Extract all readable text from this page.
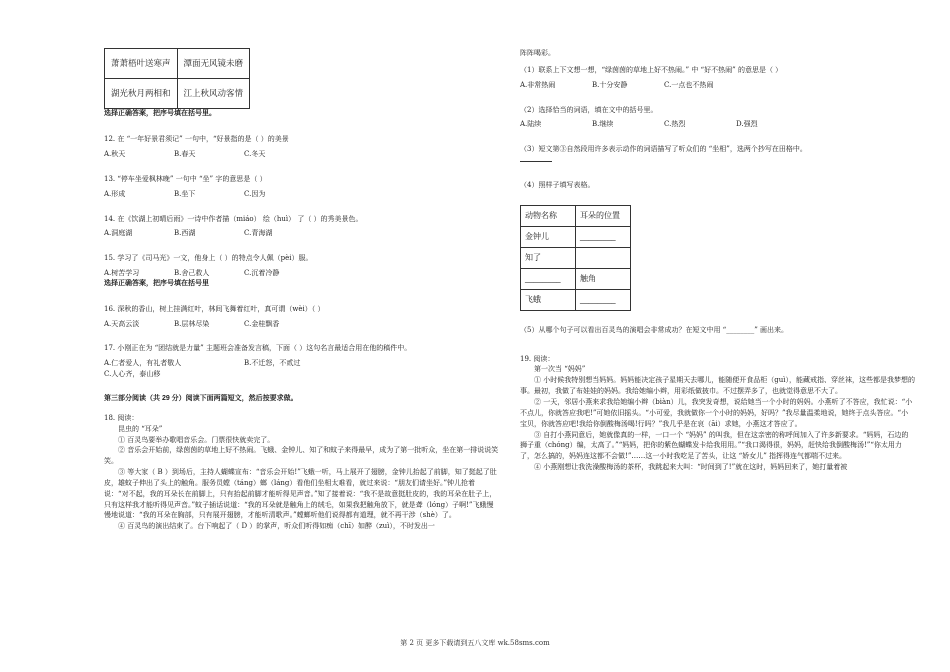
萧萧梧叶送寒声	潭面无风镜未磨
湖光秋月两相和	江上秋风动客情
选择正确答案，把序号填在括号里。
12. 在 “一年好景君须记” 一句中，“好景指的是（ ）的美景
A.秋天	B.春天	C.冬天
13. “停车坐爱枫林晚” 一句中 “坐” 字的意思是（ ）
A.形成	B.坐下	C.因为
14. 在《饮湖上初晴后雨》一诗中作者描（miáo） 绘（huì） 了（ ）的秀美景色。
A.洞庭湖	B.西湖	C.青海湖
15. 学习了《司马光》一文，他身上（ ）的特点令人佩（pèi）服。
A.树苦学习	B.舍己救人	C.沉着冷静
选择正确答案，把序号填在括号里
16. 深秋的香山，树上挂满红叶，林间飞舞着红叶，真可谓（wèi）（ ）
A.天高云淡	B.层林尽染	C.金桂飘香
17. 小刚正在为 “团结就是力量” 主题班会准备发言稿，下面（ ）这句名言最适合用在他的稿件中。
A.仁者爱人，有礼者敬人	B.不迁怒，不贰过
C.人心齐，泰山移
第三部分阅读（共 29 分）阅读下面两篇短文，然后按要求做。
18. 阅读：
昆虫的 “耳朵”
① 百灵鸟要举办歌唱音乐会。门票很快就卖完了。
② 音乐会开始前，绿茵茵的草地上好不热闹。飞蛾、金钟儿、知了和蚊子来得最早，成为了第一批听众，坐在第一排说说笑笑。
③ 等大家（ B ）到场后，主持人蝴蝶宣布：“音乐会开始!”飞蛾一听，马上展开了翅膀，金钟儿抬起了前脚，知了挺起了肚皮，雄蚊子伸出了头上的触角。服务员螳（táng）螂（láng）看他们坐相太难看，就过来说：“朋友们请坐好。”钟儿抢着说：“对不起，我的耳朵长在前脚上，只有抬起前脚才能听得见声音。”知了接着说：“我不是故意挺肚皮的，我的耳朵在肚子上，只有这样我才能听得见声音。”蚊子插话说道：“我的耳朵就是触角上的绒毛，如果我把触角放下，就是聋（lóng）子啊!”飞蛾慢慢地说道：“我的耳朵在胸部，只有展开翅膀，才能听清歌声。”螳螂听他们说得都有道理，就不再干涉（shè）了。
④ 百灵鸟的演出结束了。台下响起了（ D ）的掌声，听众们听得如痴（chī）如醉（zuì），不时发出一
阵阵喝彩。
（1）联系上下文想一想，“绿茵茵的草地上好不热闹。” 中 “好不热闹” 的意思是（ ）
A.非常热闹	B.十分安静	C.一点也不热闹
（2）选择恰当的词语，填在文中的括号里。
A.陆续	B.继续	C.热烈	D.强烈
（3）短文第③自然段用许多表示动作的词语描写了听众们的 “坐相”，选两个抄写在田格中。
（4）照样子填写表格。
动物名称	耳朵的位置
金钟儿	________
知了	
________	触角
飞蛾	________
（5）从哪个句子可以看出百灵鸟的演唱会非常成功？在短文中用 “________” 画出来。
19. 阅读：
第一次当 “妈妈”
① 小时候我特别想当妈妈。妈妈能决定孩子星期天去哪儿，能随便开食品柜（guì），能藏戒指、穿丝袜，这些都是我梦想的事。最初，我做了布娃娃的妈妈。我给她编小辫，用彩纸做披巾。不过摆弄多了，也就觉得意思不大了。
② 一天，邻居小燕来求我给她编小辫（biàn）儿，我突发奇想，说给她当一个小时的妈妈。小燕听了不答应，我忙说：“小不点儿，你就答应我吧!”可她依旧摇头。“小可爱，我就做你一个小时的妈妈，好吗？”我尽量温柔地说，她终于点头答应。“小宝贝，你就答应吧!我给你倒酸梅汤喝!行吗？”我几乎是在哀（āi）求她，小燕这才答应了。
③ 自打小燕同意后，她就像真的一样，一口一个 “妈妈” 的叫我，但在这亲密的称呼间加入了许多新要求。“妈妈，石边的狮子重（chóng）编，太高了。”“妈妈，把你的紫色蝴蝶发卡给我用用。”“我口渴得很，妈妈，赶快给我倒酸梅汤!”“你太用力了，怎么搞的，妈妈连这都不会做!”……这一小时我吃足了苦头，让这 “娇女儿” 指挥得连气都喘不过来。
④ 小燕刚想让我洗澡酸梅汤的茶杯，我跳起来大叫：“时间到了!”就在这时，妈妈回来了，她打量着被
第 2 页 更多下载请到五八文库 wk.58sms.com
